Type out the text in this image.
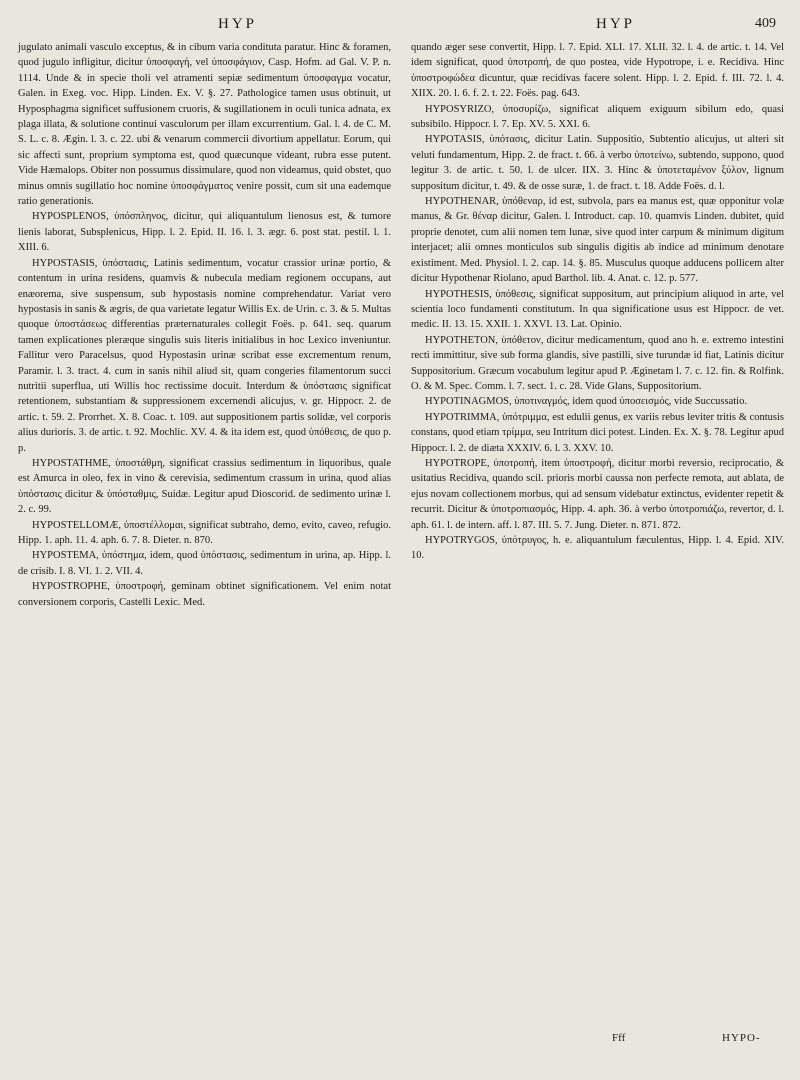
HYP	HYP	409

jugulato animali vasculo exceptus, & in cibum varia condituta paratur. Hinc & foramen, quod jugulo infligitur, dicitur ὑποσφαγή, vel ὑποσφάγιον, Casp. Hofm. ad Gal. V. P. n. 1114. Unde & in specie tholi vel atramenti sepiæ sedimentum ὑποσφαγμα vocatur, Galen. in Exeg. voc. Hipp. Linden. Ex. V. §. 27. Pathologice tamen usus obtinuit, ut Hyposphagma significet suffusionem cruoris, & sugillationem in oculi tunica adnata, ex plaga illata, & solutione continui vasculorum per illam excurrentium. Gal. l. 4. de C. M. S. L. c. 8. Ægin. l. 3. c. 22. ubi & venarum commercii divortium appellatur. Eorum, qui sic affecti sunt, proprium symptoma est, quod quæcunque videant, rubra esse putent. Vide Hæmalops. Obiter non possumus dissimulare, quod non videamus, quid obstet, quo minus omnis sugillatio hoc nomine ὑποσφάγματος venire possit, cum sit una eademque ratio generationis.

HYPOSPLENOS, ὑπόσπληνος, dicitur, qui aliquantulum lienosus est, & tumore lienis laborat, Subsplenicus, Hipp. l. 2. Epid. II. 16. l. 3. ægr. 6. post stat. pestil. l. 1. XIII. 6.

HYPOSTASIS, ὑπόστασις, Latinis sedimentum, vocatur crassior urinæ portio, & contentum in urina residens, quamvis & nubecula mediam regionem occupans, aut enæorema, sive suspensum, sub hypostasis nomine comprehendatur. Variat vero hypostasis in sanis & ægris, de qua varietate legatur Willis Ex. de Urin. c. 3. & 5. Multas quoque ὑποστάσεως differentias præternaturales collegit Foës. p. 641. seq. quarum tamen explicationes pleræque singulis suis literis initialibus in hoc Lexico inveniuntur. Fallitur vero Paracelsus, quod Hypostasin urinæ scribat esse excrementum renum, Paramir. l. 3. tract. 4. cum in sanis nihil aliud sit, quam congeries filamentorum succi nutritii superflua, uti Willis hoc rectissime docuit. Interdum & ὑπόστασις significat retentionem, substantiam & suppressionem excernendi alicujus, v. gr. Hippocr. 2. de artic. t. 59. 2. Prorrhet. X. 8. Coac. t. 109. aut suppositionem partis solidæ, vel corporis alius durioris. 3. de artic. t. 92. Mochlic. XV. 4. & ita idem est, quod ὑπόθεσις, de quo p. p.

HYPOSTATHME, ὑποστάθμη, significat crassius sedimentum in liquoribus, quale est Amurca in oleo, fex in vino & cerevisia, sedimentum crassum in urina, quod alias ὑπόστασις dicitur & ὑπόσταθμις, Suidæ. Legitur apud Dioscorid. de sedimento urinæ l. 2. c. 99.

HYPOSTELLOMÆ, ὑποστέλλομαι, significat subtraho, demo, evito, caveo, refugio. Hipp. 1. aph. 11. 4. aph. 6. 7. 8. Dieter. n. 870.

HYPOSTEMA, ὑπόστημα, idem, quod ὑπόστασις, sedimentum in urina, ap. Hipp. l. de crisib. I. 8. VI. 1. 2. VII. 4.

HYPOSTROPHE, ὑποστροφή, geminam obtinet significationem. Vel enim notat conversionem corporis, Castelli Lexic. Med.

quando æger sese convertit, Hipp. l. 7. Epid. XLI. 17. XLII. 32. l. 4. de artic. t. 14. Vel idem significat, quod ὑποτροπή, de quo postea, vide Hypotrope, i. e. Recidiva. Hinc ὑποστροφώδεα dicuntur, quæ recidivas facere solent. Hipp. l. 2. Epid. f. III. 72. l. 4. XIIX. 20. l. 6. f. 2. t. 22. Foës. pag. 643.

HYPOSYRIZO, ὑποσυρίζω, significat aliquem exiguum sibilum edo, quasi subsibilo. Hippocr. l. 7. Ep. XV. 5. XXI. 6.

HYPOTASIS, ὑπότασις, dicitur Latin. Suppositio, Subtentio alicujus, ut alteri sit veluti fundamentum, Hipp. 2. de fract. t. 66. à verbo ὑποτείνω, subtendo, suppono, quod legitur 3. de artic. t. 50. l. de ulcer. IIX. 3. Hinc & ὑποτεταμένον ξύλον, lignum suppositum dicitur, t. 49. & de osse suræ, 1. de fract. t. 18. Adde Foës. d. l.

HYPOTHENAR, ὑπόθεναρ, id est, subvola, pars ea manus est, quæ opponitur volæ manus, & Gr. θέναρ dicitur, Galen. l. Introduct. cap. 10. quamvis Linden. dubitet, quid proprie denotet, cum alii nomen tem lunæ, sive quod inter carpum & minimum digitum interjacet; alii omnes monticulos sub singulis digitis ab indice ad minimum denotare existiment. Med. Physiol. l. 2. cap. 14. §. 85. Musculus quoque adducens pollicem alter dicitur Hypothenar Riolano, apud Barthol. lib. 4. Anat. c. 12. p. 577.

HYPOTHESIS, ὑπόθεσις, significat suppositum, aut principium aliquod in arte, vel scientia loco fundamenti constitutum. In qua significatione usus est Hippocr. de vet. medic. II. 13. 15. XXII. 1. XXVI. 13. Lat. Opinio.

HYPOTHETON, ὑπόθετον, dicitur medicamentum, quod ano h. e. extremo intestini recti immittitur, sive sub forma glandis, sive pastilli, sive turundæ id fiat, Latinis dicitur Suppositorium. Græcum vocabulum legitur apud P. Æginetam l. 7. c. 12. fin. & Rolfink. O. & M. Spec. Comm. l. 7. sect. 1. c. 28. Vide Glans, Suppositorium.

HYPOTINAGMOS, ὑποτιναγμός, idem quod ὑποσεισμός, vide Succussatio.

HYPOTRIMMA, ὑπότριμμα, est edulii genus, ex variis rebus leviter tritis & contusis constans, quod etiam τρίμμα, seu Intritum dici potest. Linden. Ex. X. §. 78. Legitur apud Hippocr. l. 2. de diæta XXXIV. 6. l. 3. XXV. 10.

HYPOTROPE, ὑποτροπή, item ὑποστροφή, dicitur morbi reversio, reciprocatio, & usitatius Recidiva, quando scil. prioris morbi caussa non perfecte remota, aut ablata, de ejus novam collectionem morbus, qui ad sensum videbatur extinctus, evidenter repetit & recurrit. Dicitur & ὑποτροπιασμός, Hipp. 4. aph. 36. à verbo ὑποτροπιάζω, revertor, d. l. aph. 61. l. de intern. aff. l. 87. III. 5. 7. Jung. Dieter. n. 871. 872.

HYPOTRYGOS, ὑπότρυγος, h. e. aliquantulum fæculentus, Hipp. l. 4. Epid. XIV. 10.

Fff	HYPO-
